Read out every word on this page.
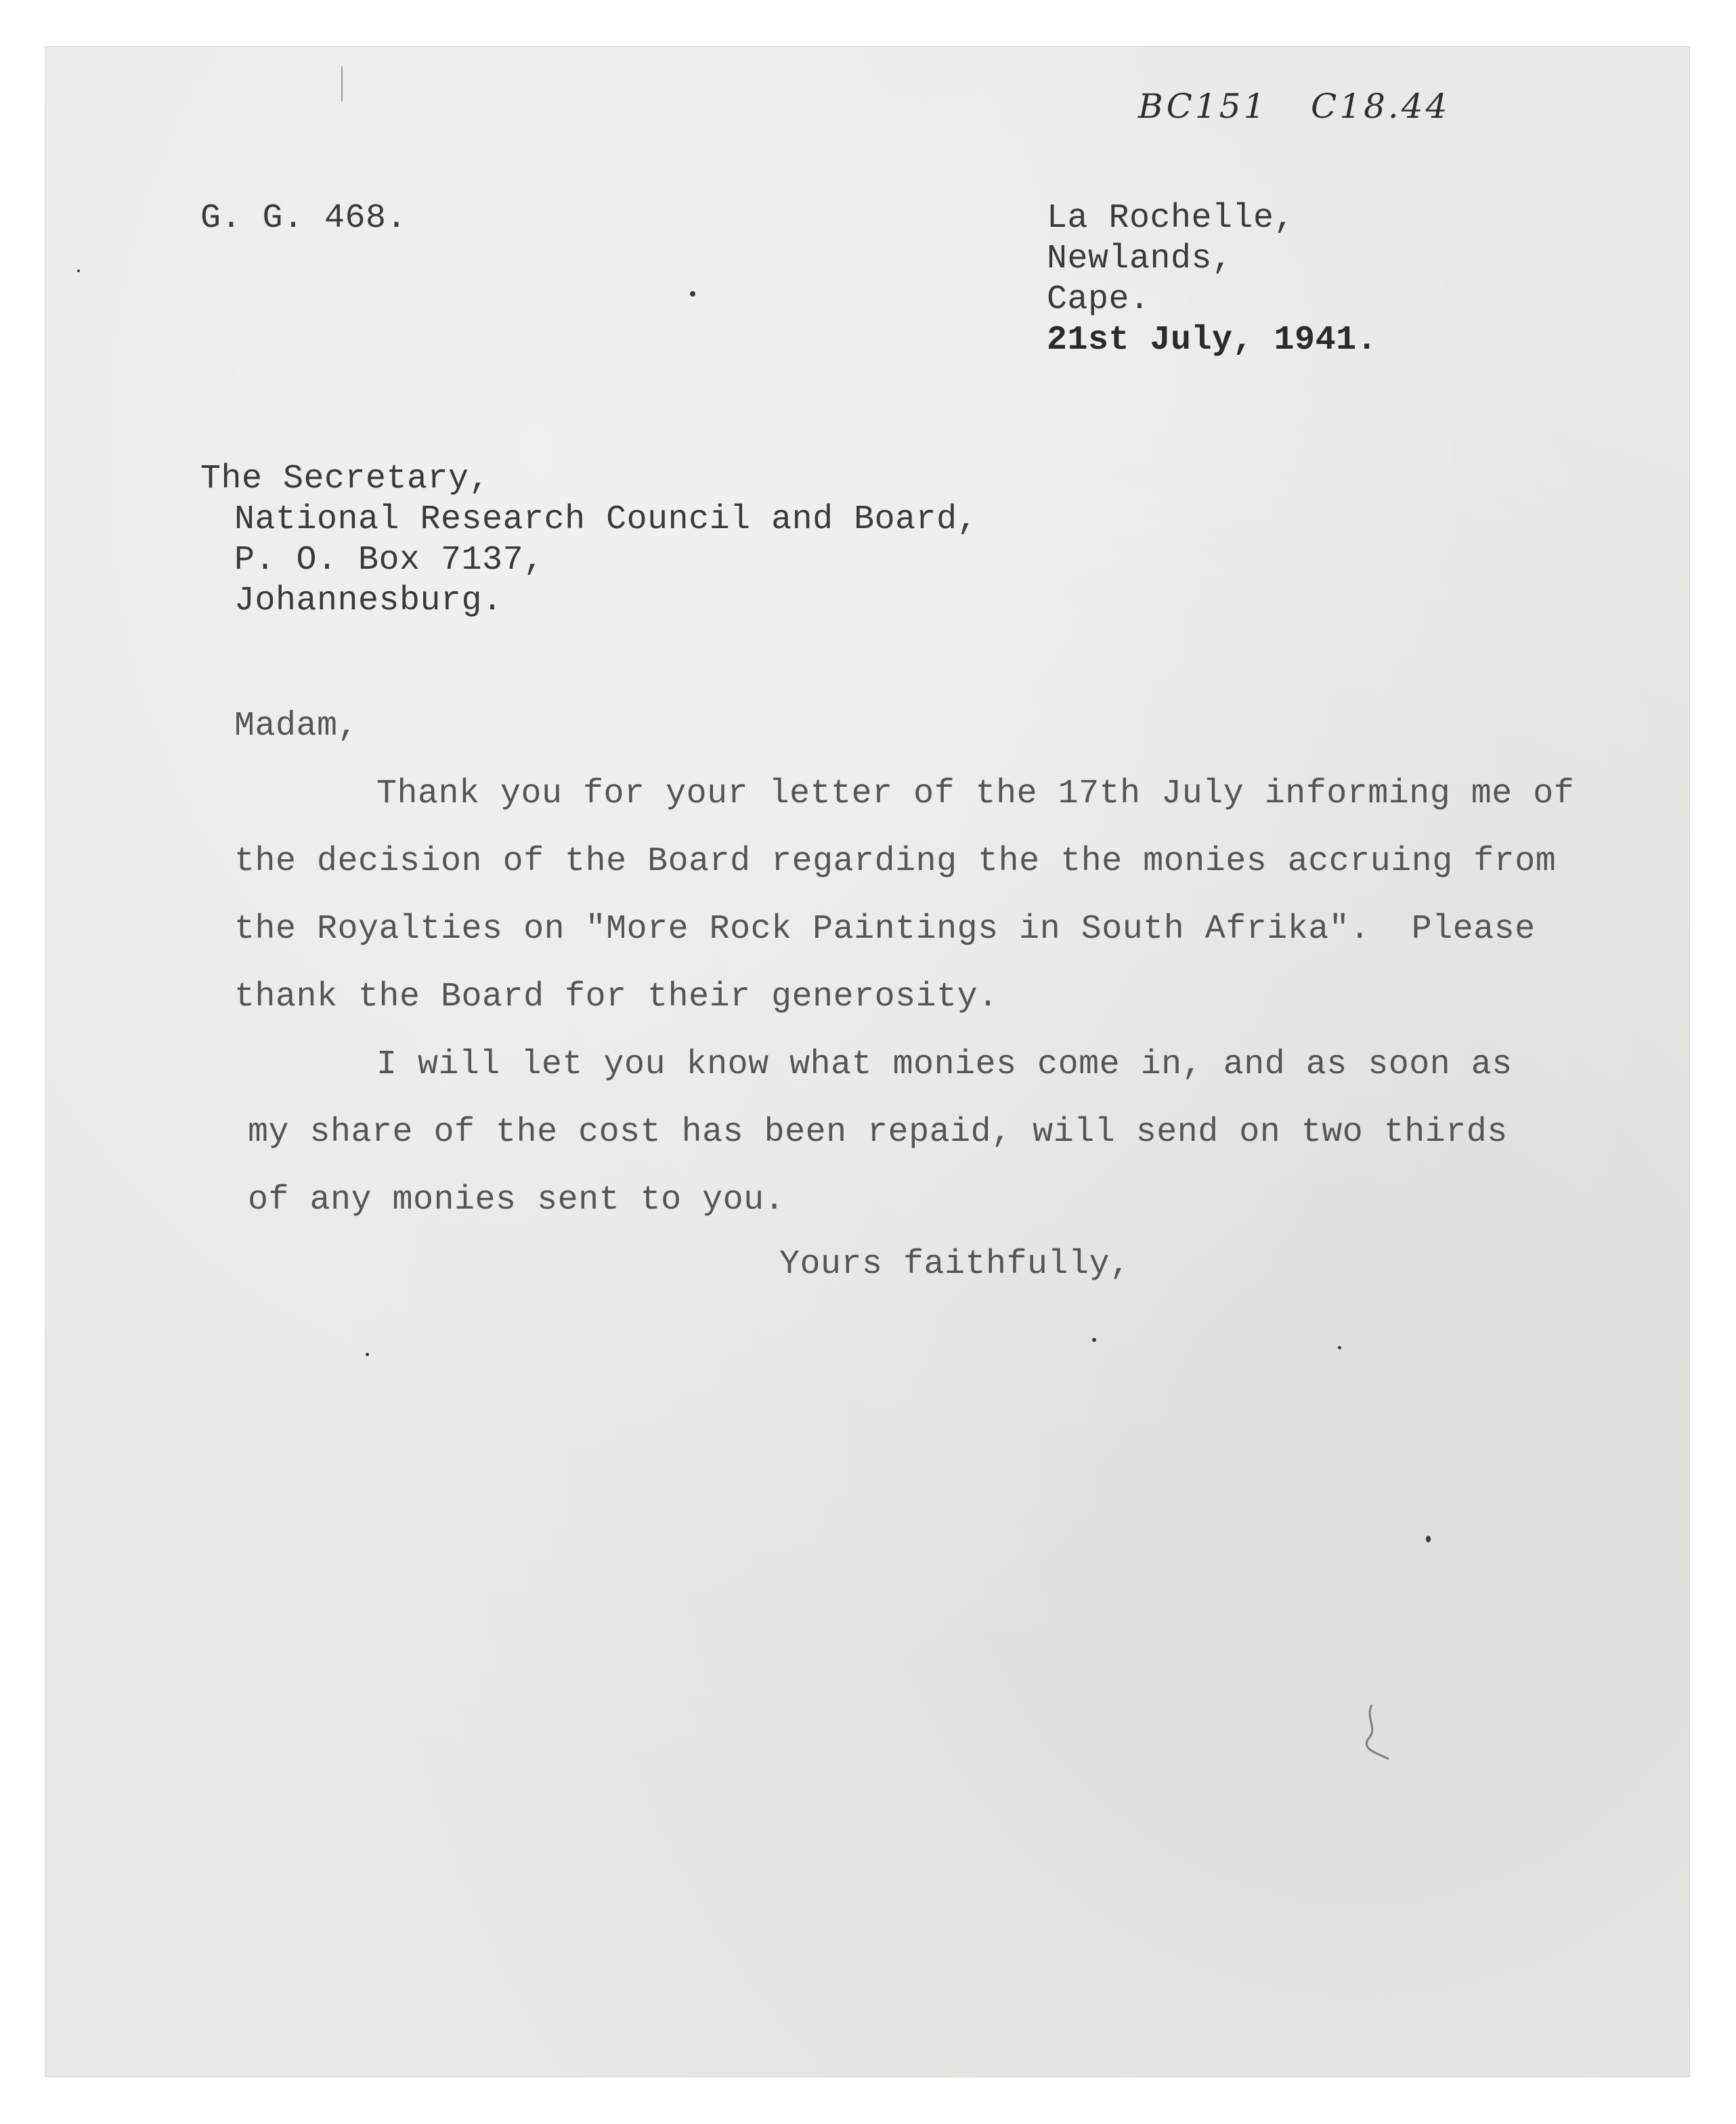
BC151 C18.44
G. G. 468.	La Rochelle,
Newlands,
Cape.
21st July, 1941.
The Secretary,
National Research Council and Board,
P. O. Box 7137,
Johannesburg.
Madam,
Thank you for your letter of the 17th July informing me of
the decision of the Board regarding the the monies accruing from
the Royalties on "More Rock Paintings in South Afrika".  Please
thank the Board for their generosity.
I will let you know what monies come in, and as soon as
my share of the cost has been repaid, will send on two thirds
of any monies sent to you.
Yours faithfully,
